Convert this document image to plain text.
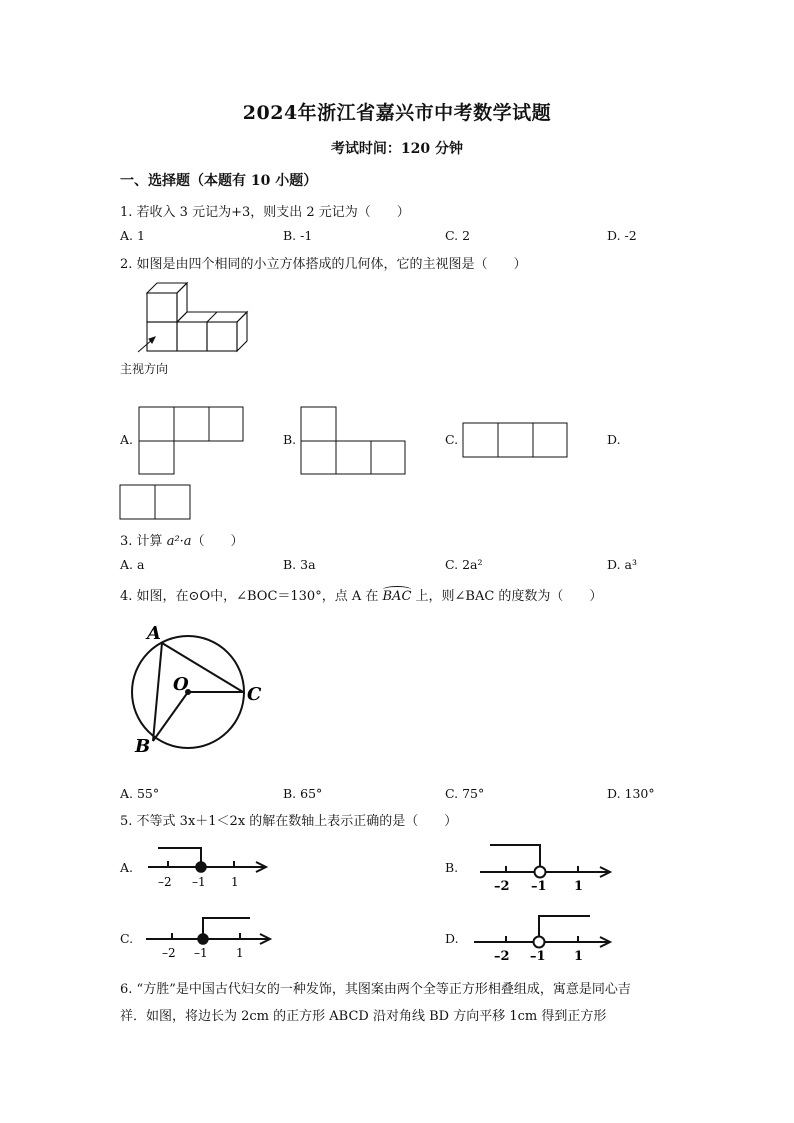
2024年浙江省嘉兴市中考数学试题
考试时间：120 分钟
一、选择题（本题有 10 小题）
1. 若收入 3 元记为+3，则支出 2 元记为（　　）
A. 1	B. -1	C. 2	D. -2
2. 如图是由四个相同的小立方体搭成的几何体，它的主视图是（　　）
主视方向
A.	B.	C.	D.
3. 计算 a²·a（　　）
A. a	B. 3a	C. 2a²	D. a³
4. 如图，在⊙O中，∠BOC＝130°，点 A 在 BAC 上，则∠BAC 的度数为（　　）
A
O	C
B
A. 55°	B. 65°	C. 75°	D. 130°
5. 不等式 3x＋1＜2x 的解在数轴上表示正确的是（　　）
A.
–2 –1 1
B.
–2 –1 1
C.
–2 –1 1
D.
–2 –1 1
6. “方胜”是中国古代妇女的一种发饰，其图案由两个全等正方形相叠组成，寓意是同心吉
祥．如图，将边长为 2cm 的正方形 ABCD 沿对角线 BD 方向平移 1cm 得到正方形
